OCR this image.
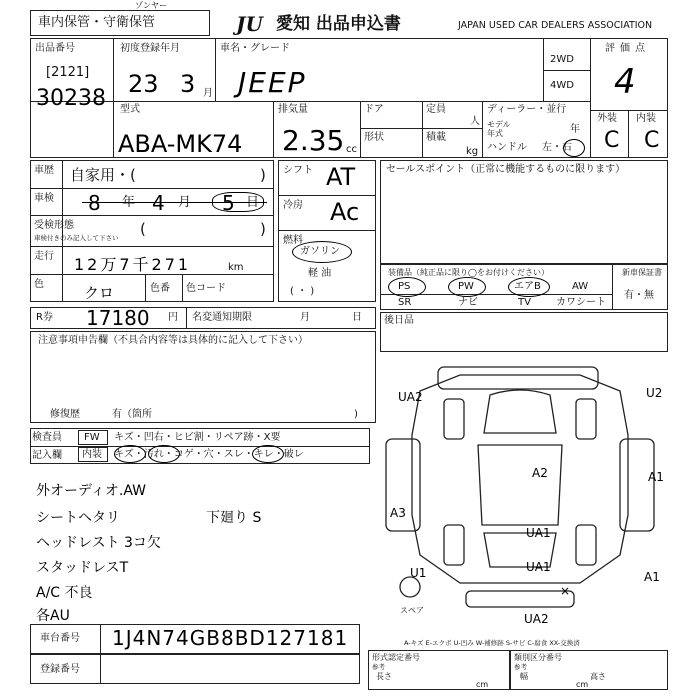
車内保管・守衛保管
ゾンヤー
JU 愛知 出品申込書	JAPAN USED CAR DEALERS ASSOCIATION
出品番号
[2121]
30238
初度登録年月
23 3 月
車名・グレード
JEEP
2WD
4WD
評価点
4
外装 内装
C C
型式
ABA-MK74
排気量
2.35 cc
ドア	定員
人
形状	積載
kg
ディーラー・並行
モデル年式	年
ハンドル 左・右
車歴 自家用・(	)
車検 8 年 4 月 5 日
受検形態
車検付きのみ記入して下さい (	)
走行 12万7千271	km
色	クロ	色番 色コード
シフト AT
冷房 Ac
燃料
ガソリン
軽 油
( ・ )
セールスポイント（正常に機能するものに限ります）
装備品（純正品に限り◯をお付けください）
PS	PW	エアB	AW
SR	ナビ	TV	カワシート
新車保証書
有・無
R券 17180 円 名変通知期限	月	日 後日品
注意事項申告欄（不具合内容等は具体的に記入して下さい）
修復歴	有（箇所	)
検査員
記入欄
FW キズ・凹右・ヒビ割・リペア跡・X要
内装 キズ・汚れ・コゲ・穴・スレ・キレ・破レ
外オーディオ.AW
シートヘタリ
ヘッドレスト 3コ欠
スタッドレスT
A/C 不良
各AU
下廻り S
UA2	U2
A2	A1
A3
U1
UA1
UA1
A1
スペア
UA2
×
車台番号 1J4N74GB8BD127181
登録番号
A-キズ E-エクボ U-凹み W-補修跡 S-サビ C-腐食 XX-交換済
形式認定番号
参考
長さ
cm
類別区分番号
参考
幅	高さ
cm
